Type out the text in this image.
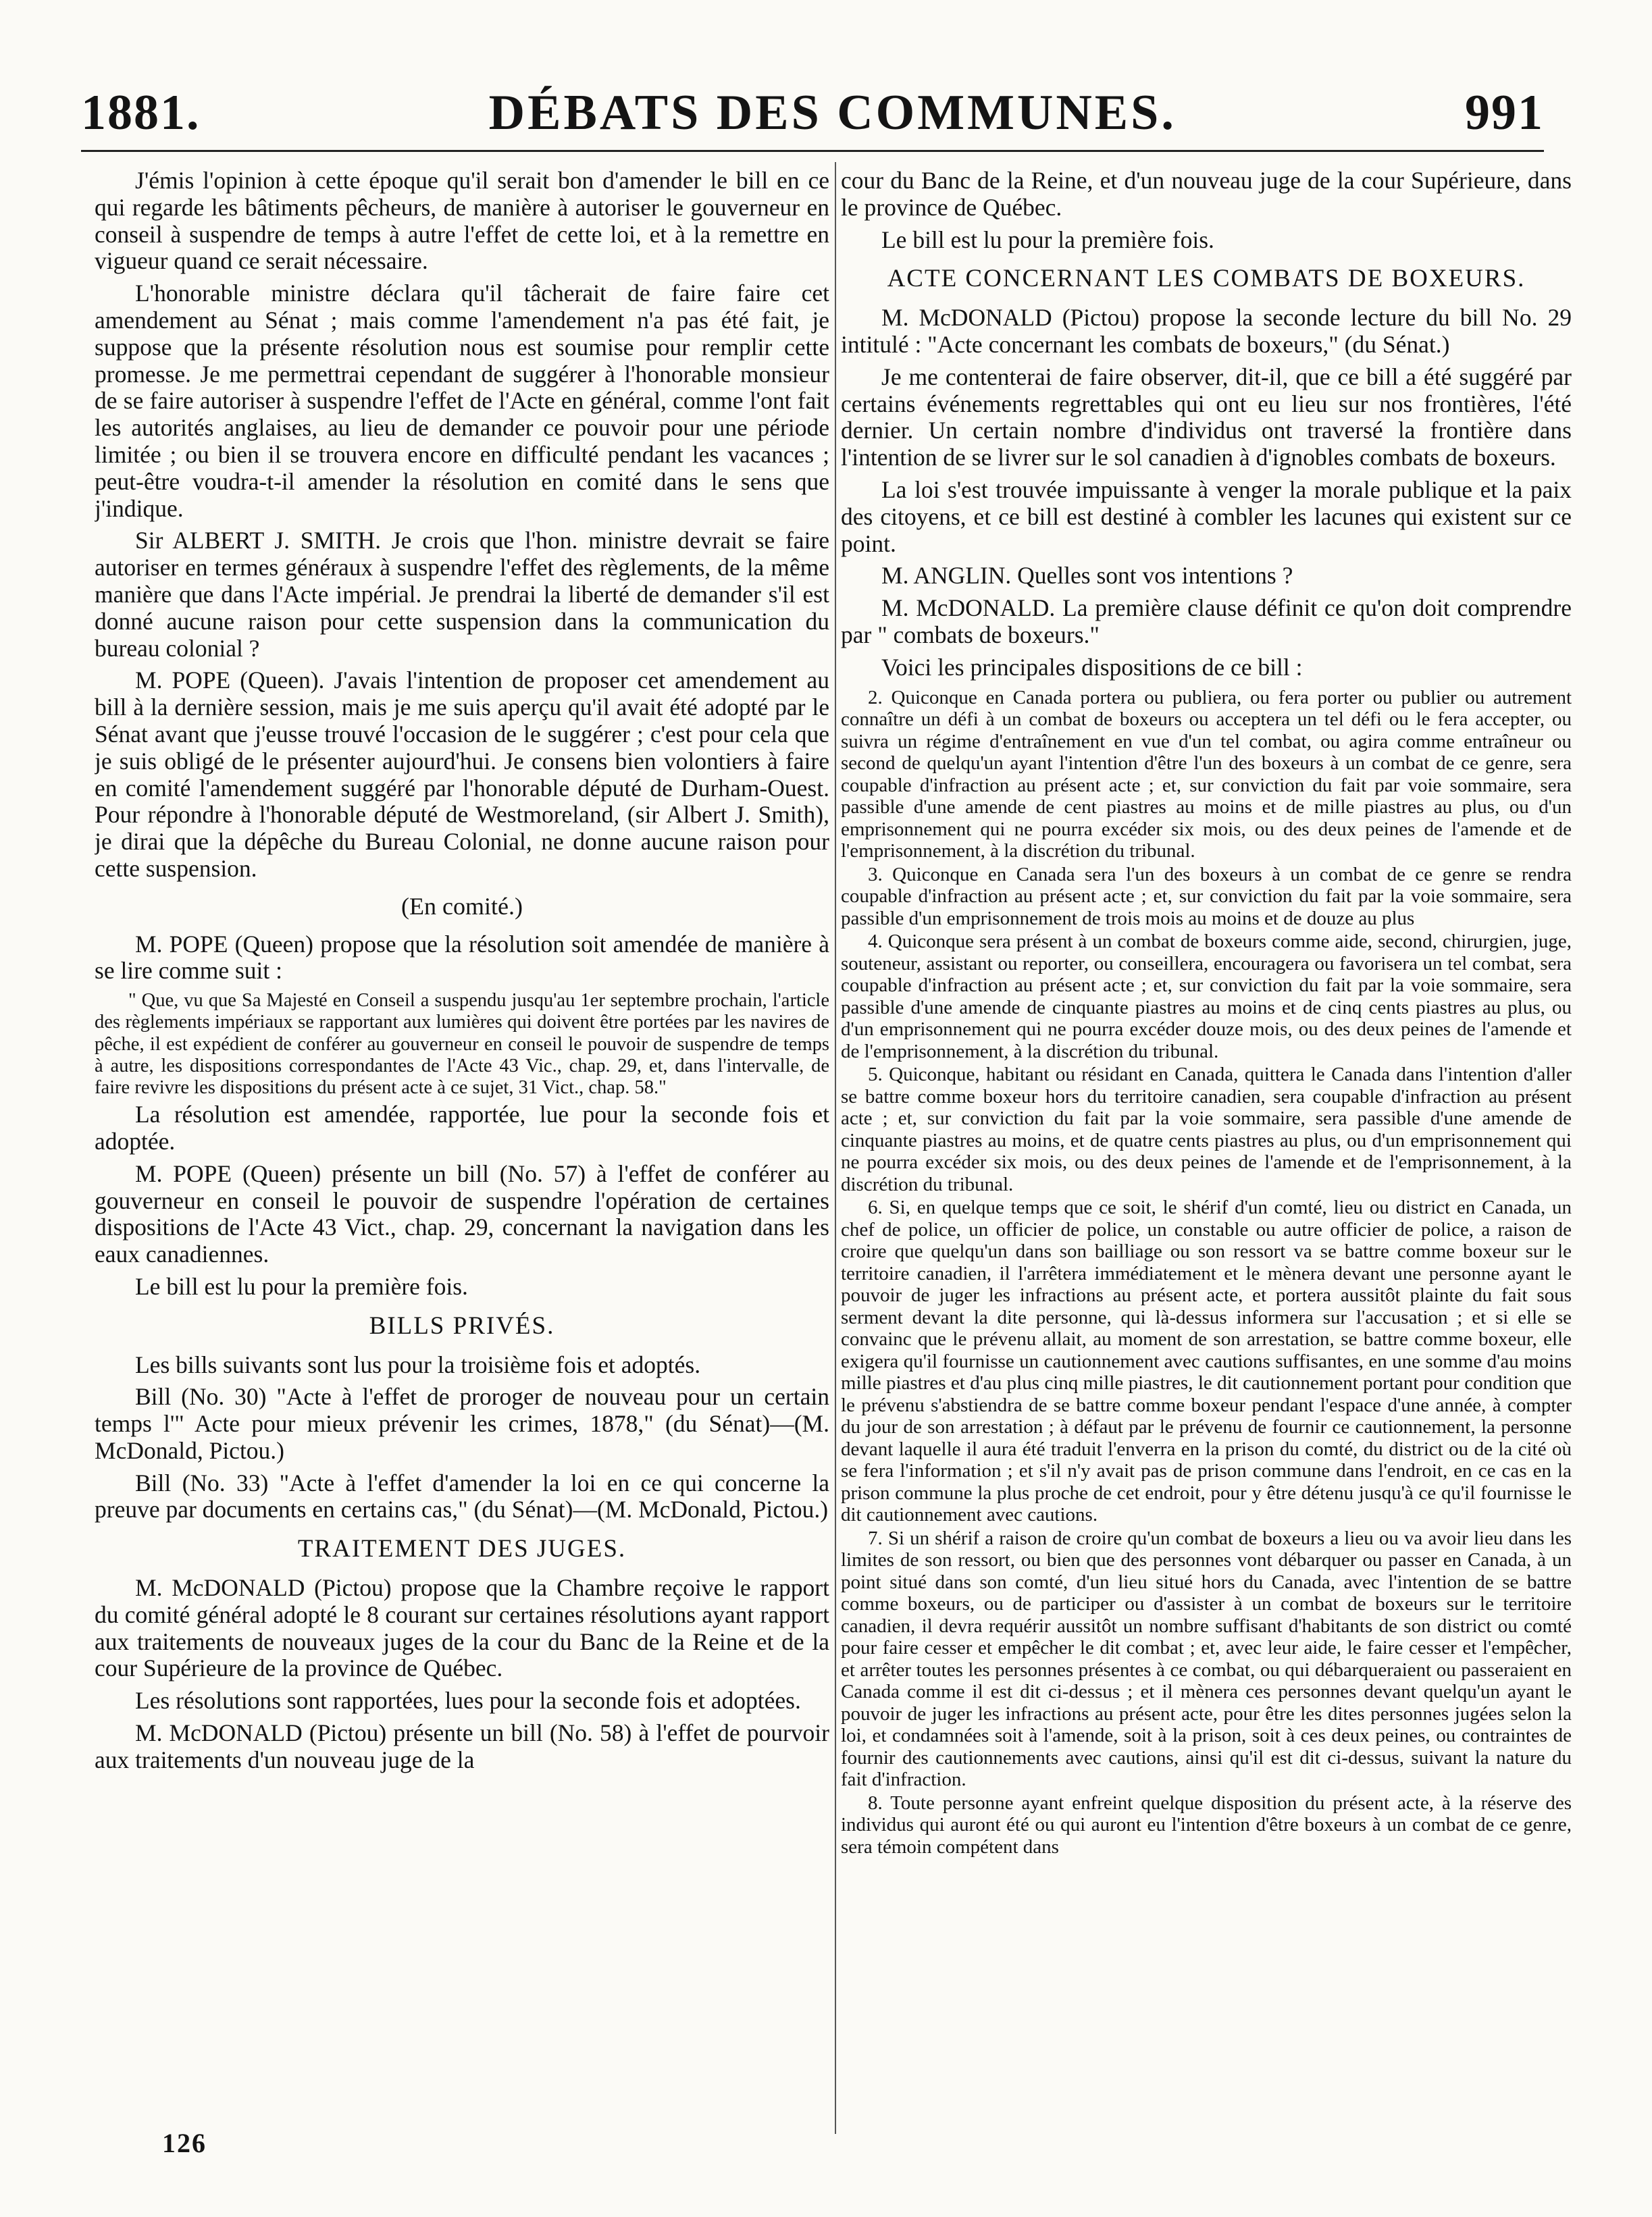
1881.	DÉBATS DES COMMUNES.	991

J'émis l'opinion à cette époque qu'il serait bon d'amender le bill en ce qui regarde les bâtiments pêcheurs, de manière à autoriser le gouverneur en conseil à suspendre de temps à autre l'effet de cette loi, et à la remettre en vigueur quand ce serait nécessaire.

L'honorable ministre déclara qu'il tâcherait de faire faire cet amendement au Sénat ; mais comme l'amendement n'a pas été fait, je suppose que la présente résolution nous est soumise pour remplir cette promesse. Je me permettrai cependant de suggérer à l'honorable monsieur de se faire autoriser à suspendre l'effet de l'Acte en général, comme l'ont fait les autorités anglaises, au lieu de demander ce pouvoir pour une période limitée ; ou bien il se trouvera encore en difficulté pendant les vacances ; peut-être voudra-t-il amender la résolution en comité dans le sens que j'indique.

Sir ALBERT J. SMITH. Je crois que l'hon. ministre devrait se faire autoriser en termes généraux à suspendre l'effet des règlements, de la même manière que dans l'Acte impérial. Je prendrai la liberté de demander s'il est donné aucune raison pour cette suspension dans la communication du bureau colonial ?

M. POPE (Queen). J'avais l'intention de proposer cet amendement au bill à la dernière session, mais je me suis aperçu qu'il avait été adopté par le Sénat avant que j'eusse trouvé l'occasion de le suggérer ; c'est pour cela que je suis obligé de le présenter aujourd'hui. Je consens bien volontiers à faire en comité l'amendement suggéré par l'honorable député de Durham-Ouest. Pour répondre à l'honorable député de Westmoreland, (sir Albert J. Smith), je dirai que la dépêche du Bureau Colonial, ne donne aucune raison pour cette suspension.

(En comité.)

M. POPE (Queen) propose que la résolution soit amendée de manière à se lire comme suit :

" Que, vu que Sa Majesté en Conseil a suspendu jusqu'au 1er septembre prochain, l'article des règlements impériaux se rapportant aux lumières qui doivent être portées par les navires de pêche, il est expédient de conférer au gouverneur en conseil le pouvoir de suspendre de temps à autre, les dispositions correspondantes de l'Acte 43 Vic., chap. 29, et, dans l'intervalle, de faire revivre les dispositions du présent acte à ce sujet, 31 Vict., chap. 58."

La résolution est amendée, rapportée, lue pour la seconde fois et adoptée.

M. POPE (Queen) présente un bill (No. 57) à l'effet de conférer au gouverneur en conseil le pouvoir de suspendre l'opération de certaines dispositions de l'Acte 43 Vict., chap. 29, concernant la navigation dans les eaux canadiennes.

Le bill est lu pour la première fois.

BILLS PRIVÉS.

Les bills suivants sont lus pour la troisième fois et adoptés.

Bill (No. 30) "Acte à l'effet de proroger de nouveau pour un certain temps l'" Acte pour mieux prévenir les crimes, 1878," (du Sénat)—(M. McDonald, Pictou.)

Bill (No. 33) "Acte à l'effet d'amender la loi en ce qui concerne la preuve par documents en certains cas," (du Sénat)—(M. McDonald, Pictou.)

TRAITEMENT DES JUGES.

M. McDONALD (Pictou) propose que la Chambre reçoive le rapport du comité général adopté le 8 courant sur certaines résolutions ayant rapport aux traitements de nouveaux juges de la cour du Banc de la Reine et de la cour Supérieure de la province de Québec.

Les résolutions sont rapportées, lues pour la seconde fois et adoptées.

M. McDONALD (Pictou) présente un bill (No. 58) à l'effet de pourvoir aux traitements d'un nouveau juge de la

cour du Banc de la Reine, et d'un nouveau juge de la cour Supérieure, dans le province de Québec.

Le bill est lu pour la première fois.

ACTE CONCERNANT LES COMBATS DE BOXEURS.

M. McDONALD (Pictou) propose la seconde lecture du bill No. 29 intitulé : "Acte concernant les combats de boxeurs," (du Sénat.)

Je me contenterai de faire observer, dit-il, que ce bill a été suggéré par certains événements regrettables qui ont eu lieu sur nos frontières, l'été dernier. Un certain nombre d'individus ont traversé la frontière dans l'intention de se livrer sur le sol canadien à d'ignobles combats de boxeurs.

La loi s'est trouvée impuissante à venger la morale publique et la paix des citoyens, et ce bill est destiné à combler les lacunes qui existent sur ce point.

M. ANGLIN. Quelles sont vos intentions ?

M. McDONALD. La première clause définit ce qu'on doit comprendre par " combats de boxeurs."

Voici les principales dispositions de ce bill :

2. Quiconque en Canada portera ou publiera, ou fera porter ou publier ou autrement connaître un défi à un combat de boxeurs ou acceptera un tel défi ou le fera accepter, ou suivra un régime d'entraînement en vue d'un tel combat, ou agira comme entraîneur ou second de quelqu'un ayant l'intention d'être l'un des boxeurs à un combat de ce genre, sera coupable d'infraction au présent acte ; et, sur conviction du fait par voie sommaire, sera passible d'une amende de cent piastres au moins et de mille piastres au plus, ou d'un emprisonnement qui ne pourra excéder six mois, ou des deux peines de l'amende et de l'emprisonnement, à la discrétion du tribunal.

3. Quiconque en Canada sera l'un des boxeurs à un combat de ce genre se rendra coupable d'infraction au présent acte ; et, sur conviction du fait par la voie sommaire, sera passible d'un emprisonnement de trois mois au moins et de douze au plus

4. Quiconque sera présent à un combat de boxeurs comme aide, second, chirurgien, juge, souteneur, assistant ou reporter, ou conseillera, encouragera ou favorisera un tel combat, sera coupable d'infraction au présent acte ; et, sur conviction du fait par la voie sommaire, sera passible d'une amende de cinquante piastres au moins et de cinq cents piastres au plus, ou d'un emprisonnement qui ne pourra excéder douze mois, ou des deux peines de l'amende et de l'emprisonnement, à la discrétion du tribunal.

5. Quiconque, habitant ou résidant en Canada, quittera le Canada dans l'intention d'aller se battre comme boxeur hors du territoire canadien, sera coupable d'infraction au présent acte ; et, sur conviction du fait par la voie sommaire, sera passible d'une amende de cinquante piastres au moins, et de quatre cents piastres au plus, ou d'un emprisonnement qui ne pourra excéder six mois, ou des deux peines de l'amende et de l'emprisonnement, à la discrétion du tribunal.

6. Si, en quelque temps que ce soit, le shérif d'un comté, lieu ou district en Canada, un chef de police, un officier de police, un constable ou autre officier de police, a raison de croire que quelqu'un dans son bailliage ou son ressort va se battre comme boxeur sur le territoire canadien, il l'arrêtera immédiatement et le mènera devant une personne ayant le pouvoir de juger les infractions au présent acte, et portera aussitôt plainte du fait sous serment devant la dite personne, qui là-dessus informera sur l'accusation ; et si elle se convainc que le prévenu allait, au moment de son arrestation, se battre comme boxeur, elle exigera qu'il fournisse un cautionnement avec cautions suffisantes, en une somme d'au moins mille piastres et d'au plus cinq mille piastres, le dit cautionnement portant pour condition que le prévenu s'abstiendra de se battre comme boxeur pendant l'espace d'une année, à compter du jour de son arrestation ; à défaut par le prévenu de fournir ce cautionnement, la personne devant laquelle il aura été traduit l'enverra en la prison du comté, du district ou de la cité où se fera l'information ; et s'il n'y avait pas de prison commune dans l'endroit, en ce cas en la prison commune la plus proche de cet endroit, pour y être détenu jusqu'à ce qu'il fournisse le dit cautionnement avec cautions.

7. Si un shérif a raison de croire qu'un combat de boxeurs a lieu ou va avoir lieu dans les limites de son ressort, ou bien que des personnes vont débarquer ou passer en Canada, à un point situé dans son comté, d'un lieu situé hors du Canada, avec l'intention de se battre comme boxeurs, ou de participer ou d'assister à un combat de boxeurs sur le territoire canadien, il devra requérir aussitôt un nombre suffisant d'habitants de son district ou comté pour faire cesser et empêcher le dit combat ; et, avec leur aide, le faire cesser et l'empêcher, et arrêter toutes les personnes présentes à ce combat, ou qui débarqueraient ou passeraient en Canada comme il est dit ci-dessus ; et il mènera ces personnes devant quelqu'un ayant le pouvoir de juger les infractions au présent acte, pour être les dites personnes jugées selon la loi, et condamnées soit à l'amende, soit à la prison, soit à ces deux peines, ou contraintes de fournir des cautionnements avec cautions, ainsi qu'il est dit ci-dessus, suivant la nature du fait d'infraction.

8. Toute personne ayant enfreint quelque disposition du présent acte, à la réserve des individus qui auront été ou qui auront eu l'intention d'être boxeurs à un combat de ce genre, sera témoin compétent dans

126
